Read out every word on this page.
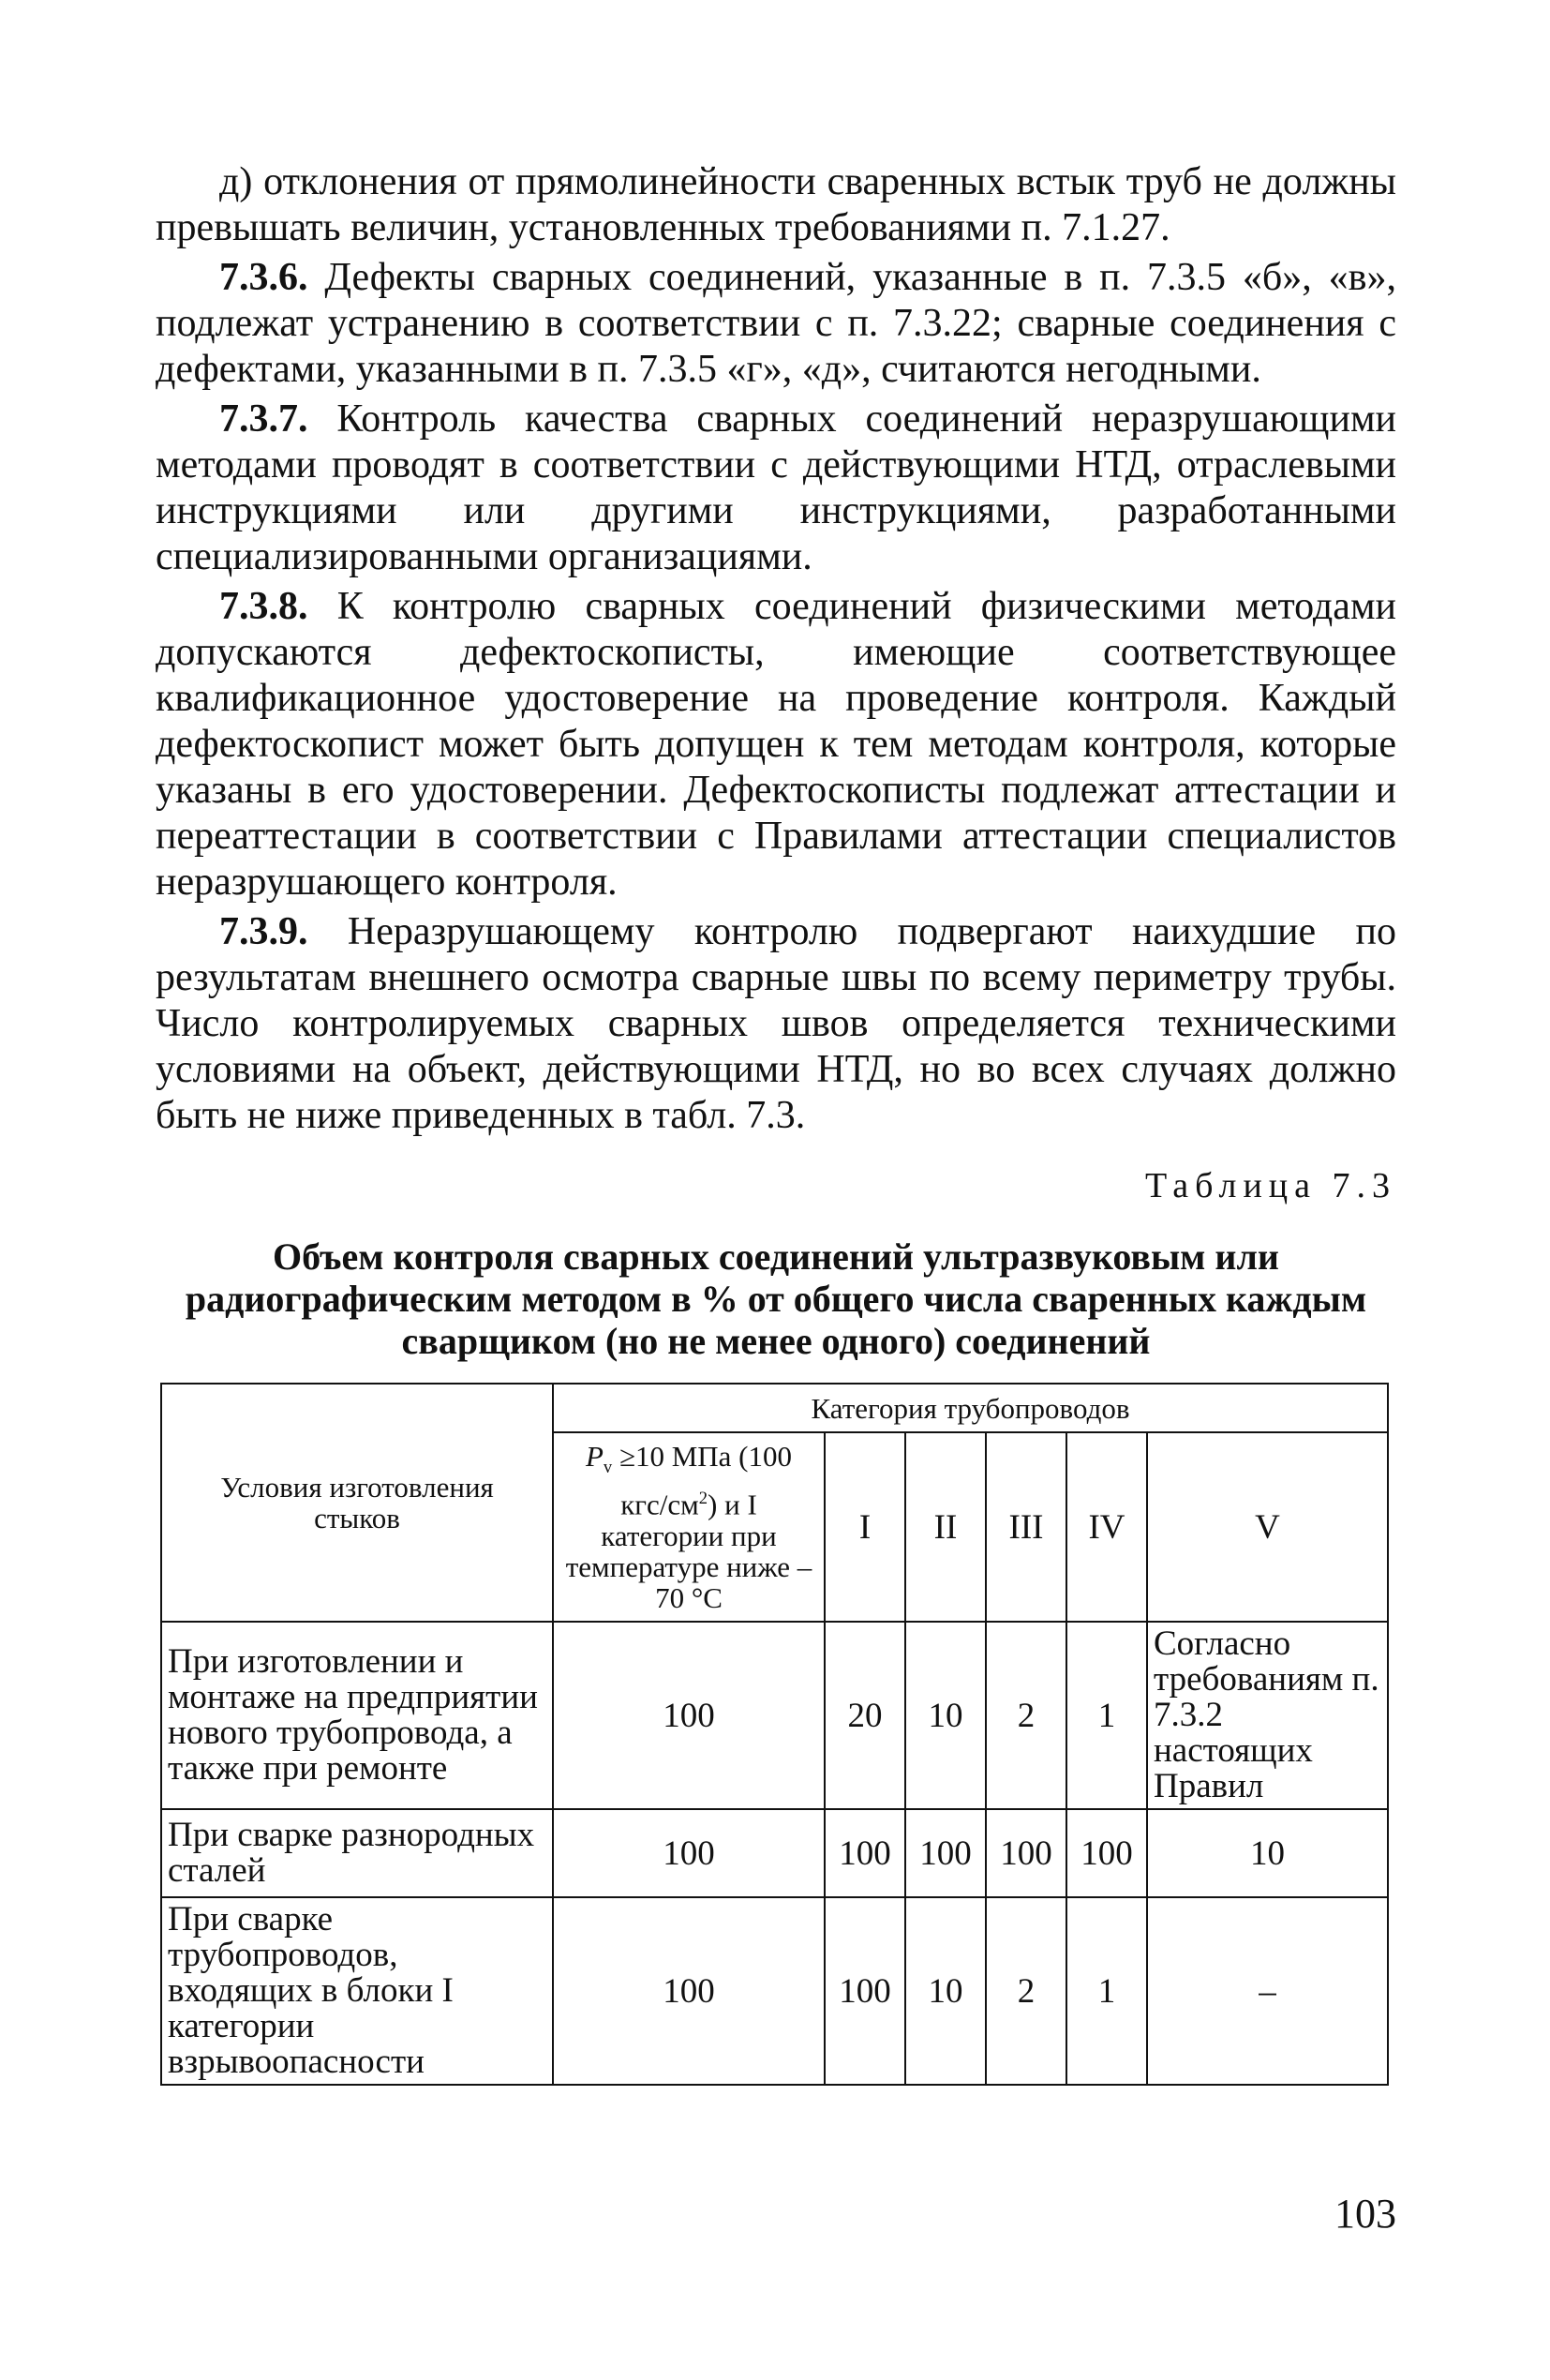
д) отклонения от прямолинейности сваренных встык труб не должны превышать величин, установленных требованиями п. 7.1.27.

7.3.6. Дефекты сварных соединений, указанные в п. 7.3.5 «б», «в», подлежат устранению в соответствии с п. 7.3.22; сварные соединения с дефектами, указанными в п. 7.3.5 «г», «д», считаются негодными.

7.3.7. Контроль качества сварных соединений неразрушающими методами проводят в соответствии с действующими НТД, отраслевыми инструкциями или другими инструкциями, разработанными специализированными организациями.

7.3.8. К контролю сварных соединений физическими методами допускаются дефектоскописты, имеющие соответствующее квалификационное удостоверение на проведение контроля. Каждый дефектоскопист может быть допущен к тем методам контроля, которые указаны в его удостоверении. Дефектоскописты подлежат аттестации и переаттестации в соответствии с Правилами аттестации специалистов неразрушающего контроля.

7.3.9. Неразрушающему контролю подвергают наихудшие по результатам внешнего осмотра сварные швы по всему периметру трубы. Число контролируемых сварных швов определяется техническими условиями на объект, действующими НТД, но во всех случаях должно быть не ниже приведенных в табл. 7.3.

Таблица 7.3

Объем контроля сварных соединений ультразвуковым или радиографическим методом в % от общего числа сваренных каждым сварщиком (но не менее одного) соединений

Условия изготовления стыков	Категория трубопроводов					
	$P_v \ge 10$ МПа (100 кгс/$см^2$) и I категории при температуре ниже –70 °С	I	II	III	IV	V
При изготовлении и монтаже на предприятии нового трубопровода, а также при ремонте	100	20	10	2	1	Согласно требованиям п. 7.3.2 настоящих Правил
При сварке разнородных сталей	100	100	100	100	100	10
При сварке трубопроводов, входящих в блоки I категории взрывоопасности	100	100	10	2	1	–
103
